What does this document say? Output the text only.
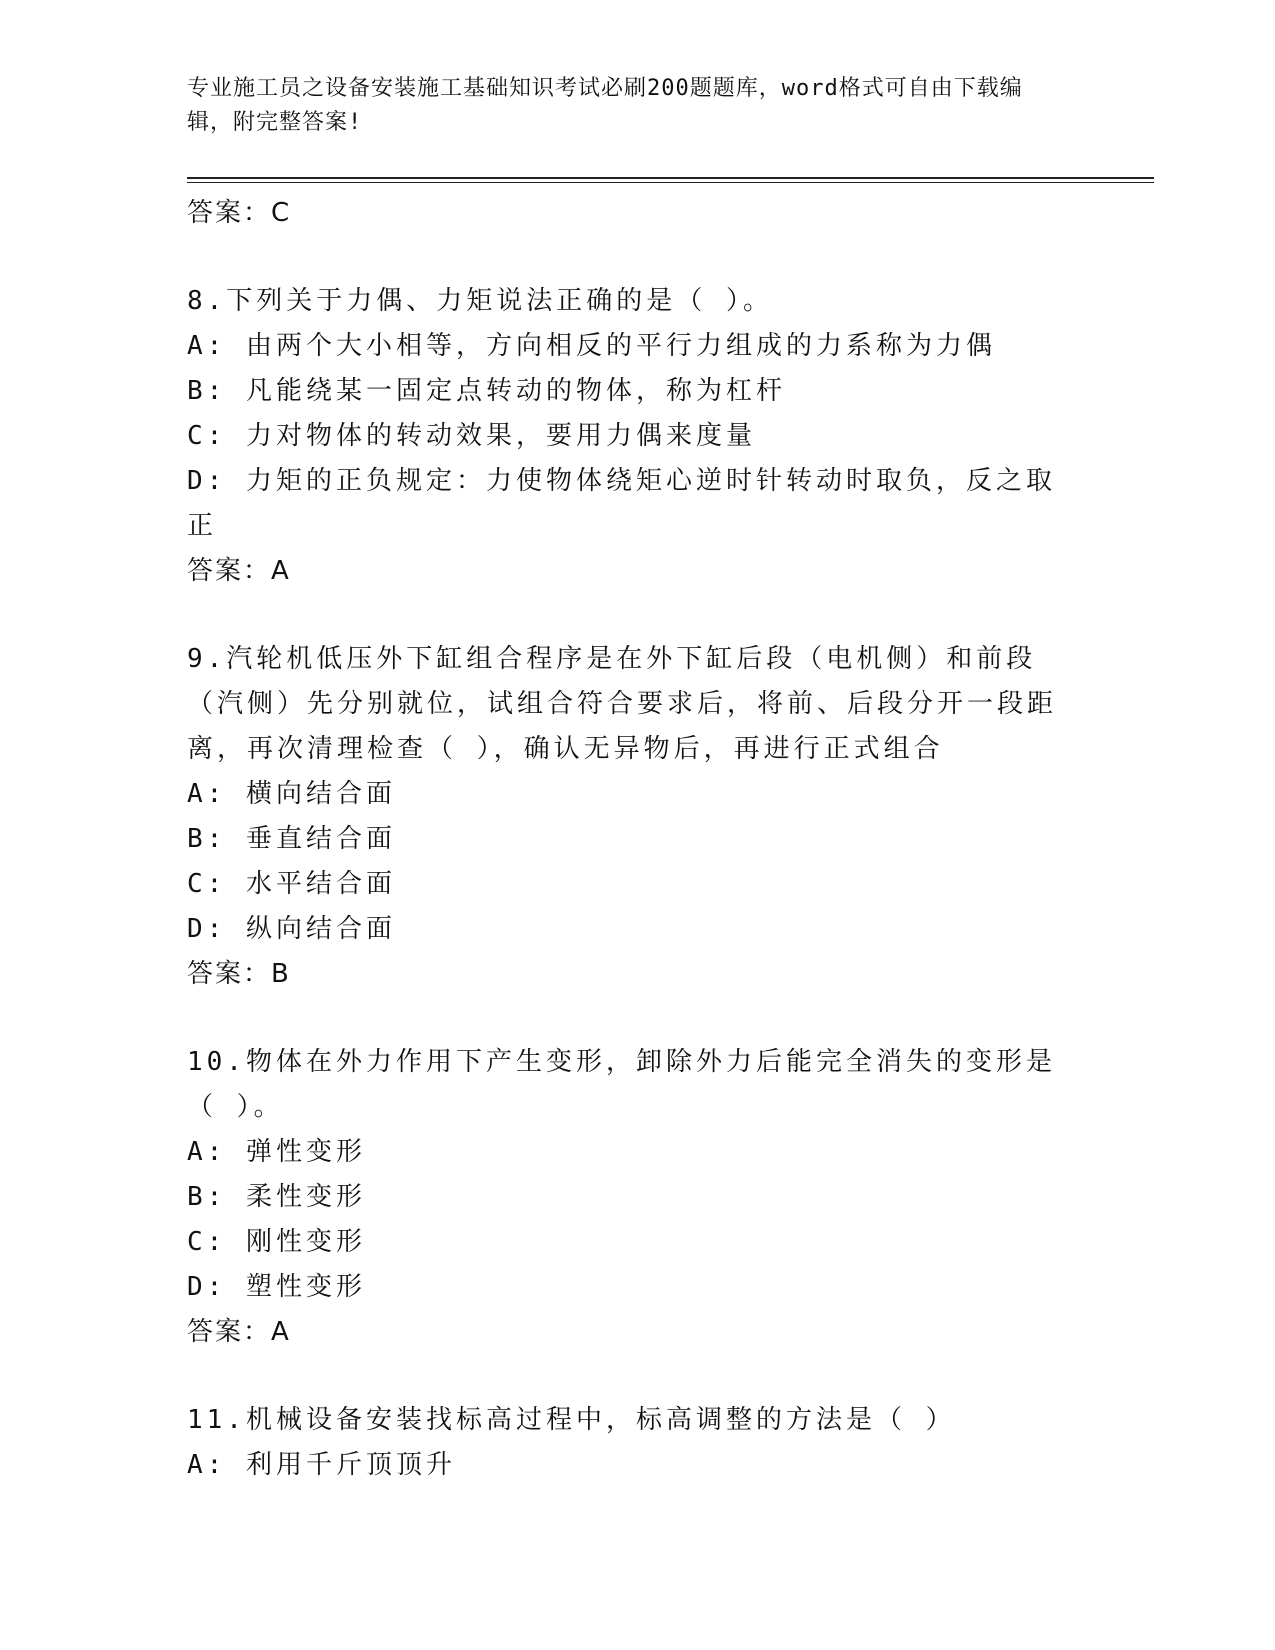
专业施工员之设备安装施工基础知识考试必刷200题题库，word格式可自由下载编辑，附完整答案!

答案：C

8.下列关于力偶、力矩说法正确的是（ ）。

A: 由两个大小相等，方向相反的平行力组成的力系称为力偶
B: 凡能绕某一固定点转动的物体，称为杠杆
C: 力对物体的转动效果，要用力偶来度量
D: 力矩的正负规定：力使物体绕矩心逆时针转动时取负，反之取正

答案：A

9.汽轮机低压外下缸组合程序是在外下缸后段（电机侧）和前段（汽侧）先分别就位，试组合符合要求后，将前、后段分开一段距离，再次清理检查（ ），确认无异物后，再进行正式组合

A: 横向结合面
B: 垂直结合面
C: 水平结合面
D: 纵向结合面

答案：B

10.物体在外力作用下产生变形，卸除外力后能完全消失的变形是（ ）。

A: 弹性变形
B: 柔性变形
C: 刚性变形
D: 塑性变形

答案：A

11.机械设备安装找标高过程中，标高调整的方法是（ ）

A: 利用千斤顶顶升
